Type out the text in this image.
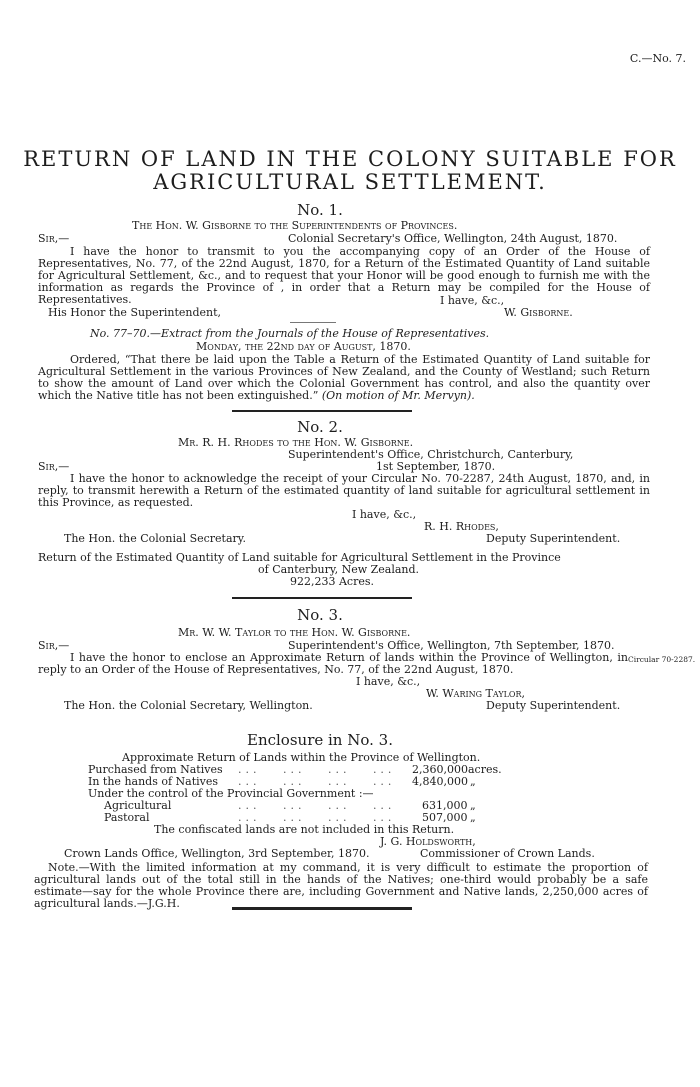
C.—No. 7.
RETURN OF LAND IN THE COLONY SUITABLE FOR
AGRICULTURAL SETTLEMENT.
No. 1.
The Hon. W. Gisborne to the Superintendents of Provinces.
Sir,—	Colonial Secretary's Office, Wellington, 24th August, 1870.
I have the honor to transmit to you the accompanying copy of an Order of the House of Representatives, No. 77, of the 22nd August, 1870, for a Return of the Estimated Quantity of Land suitable for Agricultural Settlement, &c., and to request that your Honor will be good enough to furnish me with the information as regards the Province of , in order that a Return may be compiled for the House of Representatives.	I have, &c.,
His Honor the Superintendent,	W. Gisborne.
No. 77–70.—Extract from the Journals of the House of Representatives.
Monday, the 22nd day of August, 1870.
Ordered, “That there be laid upon the Table a Return of the Estimated Quantity of Land suitable for Agricultural Settlement in the various Provinces of New Zealand, and the County of Westland; such Return to show the amount of Land over which the Colonial Government has control, and also the quantity over which the Native title has not been extinguished.” (On motion of Mr. Mervyn).
No. 2.
Mr. R. H. Rhodes to the Hon. W. Gisborne.
Superintendent's Office, Christchurch, Canterbury,
1st September, 1870.
Sir,—
I have the honor to acknowledge the receipt of your Circular No. 70-2287, 24th August, 1870, and, in reply, to transmit herewith a Return of the estimated quantity of land suitable for agricultural settlement in this Province, as requested.
I have, &c.,
R. H. Rhodes,
The Hon. the Colonial Secretary.	Deputy Superintendent.
Return of the Estimated Quantity of Land suitable for Agricultural Settlement in the Province
of Canterbury, New Zealand.
922,233 Acres.
No. 3.
Mr. W. W. Taylor to the Hon. W. Gisborne.
Sir,—	Superintendent's Office, Wellington, 7th September, 1870.
I have the honor to enclose an Approximate Return of lands within the Province of Wellington, in reply to an Order of the House of Representatives, No. 77, of the 22nd August, 1870.
Circular 70-2287.
I have, &c.,
W. Waring Taylor,
The Hon. the Colonial Secretary, Wellington.	Deputy Superintendent.
Enclosure in No. 3.
Approximate Return of Lands within the Province of Wellington.
Purchased from Natives ...   ...   ...   ... 2,360,000 acres.
In the hands of Natives ...   ...   ...   ... 4,840,000 „
Under the control of the Provincial Government :—
Agricultural	...   ...   ...   ... 631,000 „
Pastoral	...   ...   ...   ... 507,000 „
The confiscated lands are not included in this Return.
J. G. Holdsworth,
Crown Lands Office, Wellington, 3rd September, 1870.	Commissioner of Crown Lands.
Note.—With the limited information at my command, it is very difficult to estimate the proportion of agricultural lands out of the total still in the hands of the Natives; one-third would probably be a safe estimate—say for the whole Province there are, including Government and Native lands, 2,250,000 acres of agricultural lands.—J.G.H.
